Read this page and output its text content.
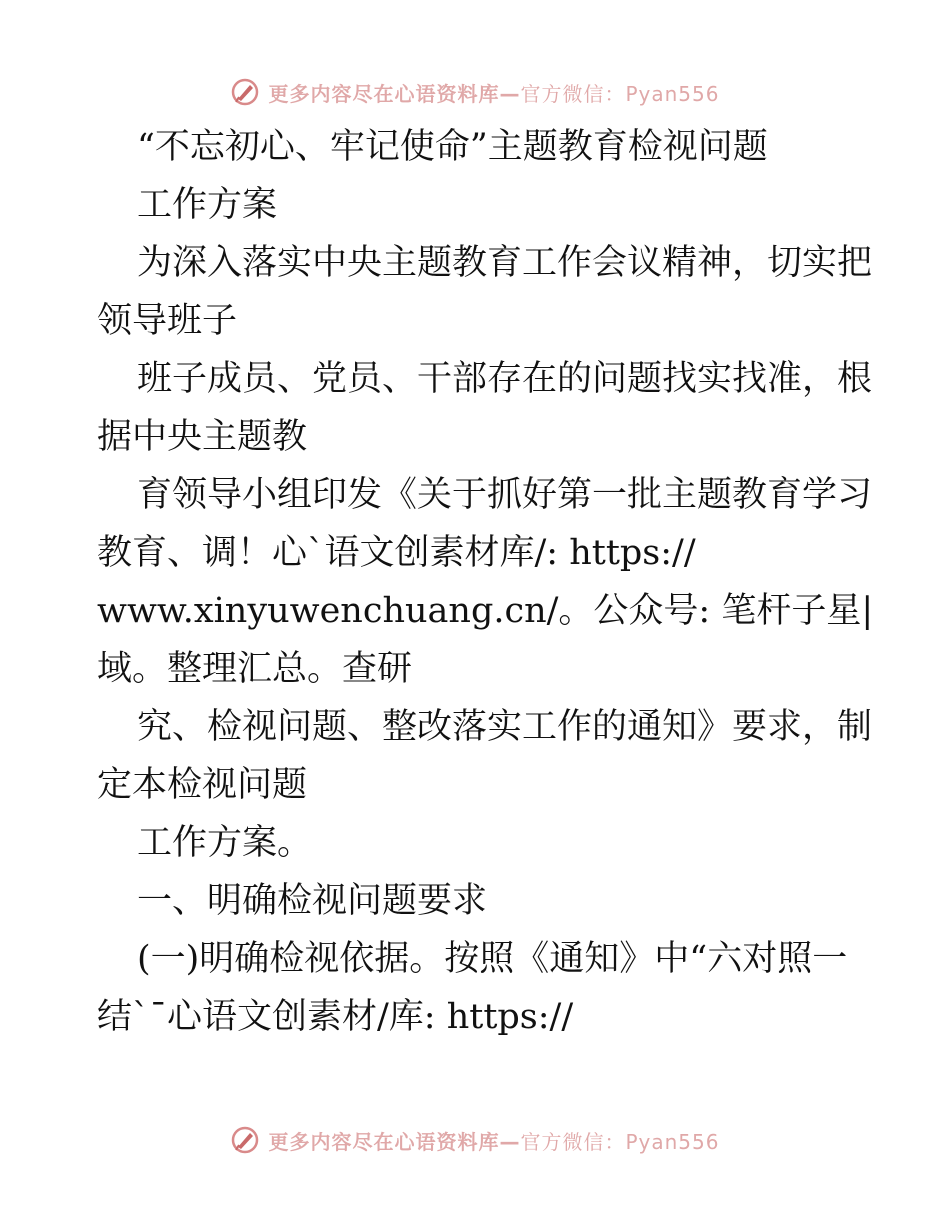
更多内容尽在心语资料库—官方微信：Pyan556
“不忘初心、牢记使命”主题教育检视问题
工作方案
为深入落实中央主题教育工作会议精神，切实把
领导班子
班子成员、党员、干部存在的问题找实找准，根
据中央主题教
育领导小组印发《关于抓好第一批主题教育学习
教育、调！心`语文创素材库/: https://
www.xinyuwenchuang.cn/。公众号: 笔杆子星|
域。整理汇总。查研
究、检视问题、整改落实工作的通知》要求，制
定本检视问题
工作方案。
一、明确检视问题要求
(一)明确检视依据。按照《通知》中“六对照一
结`¯心语文创素材/库: https://
更多内容尽在心语资料库—官方微信：Pyan556
